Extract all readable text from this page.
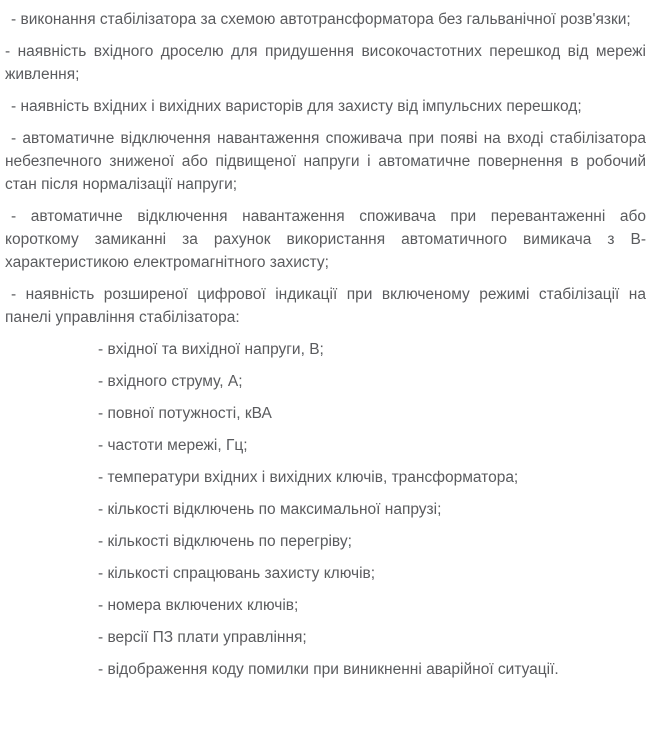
- виконання стабілізатора за схемою автотрансформатора без гальванічної розв'язки;

- наявність вхідного дроселю для придушення високочастотних перешкод від мережі живлення;

- наявність вхідних і вихідних варисторів для захисту від імпульсних перешкод;

- автоматичне відключення навантаження споживача при появі на вході стабілізатора небезпечного зниженої або підвищеної напруги і автоматичне повернення в робочий стан після нормалізації напруги;

- автоматичне відключення навантаження споживача при перевантаженні або короткому замиканні за рахунок використання автоматичного вимикача з В-характеристикою електромагнітного захисту;

- наявність розширеної цифрової індикації при включеному режимі стабілізації на панелі управління стабілізатора:

- вхідної та вихідної напруги, В;

- вхідного струму, А;

- повної потужності, кВА

- частоти мережі, Гц;

- температури вхідних і вихідних ключів, трансформатора;

- кількості відключень по максимальної напрузі;

- кількості відключень по перегріву;

- кількості спрацювань захисту ключів;

- номера включених ключів;

- версії ПЗ плати управління;

- відображення коду помилки при виникненні аварійної ситуації.
